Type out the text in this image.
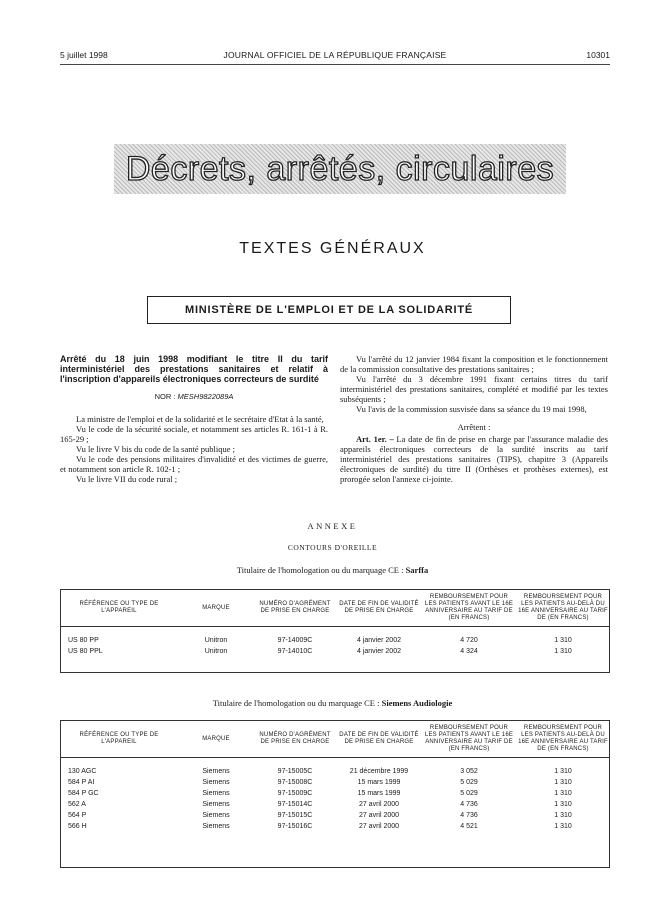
5 juillet 1998	JOURNAL OFFICIEL DE LA RÉPUBLIQUE FRANÇAISE	10301
Décrets, arrêtés, circulaires
TEXTES GÉNÉRAUX
MINISTÈRE DE L'EMPLOI ET DE LA SOLIDARITÉ

Arrêté du 18 juin 1998 modifiant le titre II du tarif interministériel des prestations sanitaires et relatif à l'inscription d'appareils électroniques correcteurs de surdité

NOR : MESH9822089A

La ministre de l'emploi et de la solidarité et le secrétaire d'Etat à la santé,

Vu le code de la sécurité sociale, et notamment ses articles R. 161-1 à R. 165-29 ;

Vu le livre V bis du code de la santé publique ;

Vu le code des pensions militaires d'invalidité et des victimes de guerre, et notamment son article R. 102-1 ;

Vu le livre VII du code rural ;

Vu l'arrêté du 12 janvier 1984 fixant la composition et le fonctionnement de la commission consultative des prestations sanitaires ;

Vu l'arrêté du 3 décembre 1991 fixant certains titres du tarif interministériel des prestations sanitaires, complété et modifié par les textes subséquents ;

Vu l'avis de la commission susvisée dans sa séance du 19 mai 1998,

Arrêtent :

Art. 1er. – La date de fin de prise en charge par l'assurance maladie des appareils électroniques correcteurs de la surdité inscrits au tarif interministériel des prestations sanitaires (TIPS), chapitre 3 (Appareils électroniques de surdité) du titre II (Orthèses et prothèses externes), est prorogée selon l'annexe ci-jointe.

ANNEXE
CONTOURS D'OREILLE
Titulaire de l'homologation ou du marquage CE : Sarffa
RÉFÉRENCE OU TYPE DE L'APPAREIL	MARQUE	NUMÉRO D'AGRÉMENT DE PRISE EN CHARGE	DATE DE FIN DE VALIDITÉ DE PRISE EN CHARGE	REMBOURSEMENT POUR LES PATIENTS AVANT LE 16E ANNIVERSAIRE AU TARIF DE (EN FRANCS)	REMBOURSEMENT POUR LES PATIENTS AU-DELÀ DU 16E ANNIVERSAIRE AU TARIF DE (EN FRANCS)

US 80 PP	Unitron	97-14009C	4 janvier 2002	4 720	1 310
US 80 PPL	Unitron	97-14010C	4 janvier 2002	4 324	1 310
Titulaire de l'homologation ou du marquage CE : Siemens Audiologie
RÉFÉRENCE OU TYPE DE L'APPAREIL	MARQUE	NUMÉRO D'AGRÉMENT DE PRISE EN CHARGE	DATE DE FIN DE VALIDITÉ DE PRISE EN CHARGE	REMBOURSEMENT POUR LES PATIENTS AVANT LE 16E ANNIVERSAIRE AU TARIF DE (EN FRANCS)	REMBOURSEMENT POUR LES PATIENTS AU-DELÀ DU 16E ANNIVERSAIRE AU TARIF DE (EN FRANCS)

130 AGC	Siemens	97-15005C	21 décembre 1999	3 052	1 310
584 P AI	Siemens	97-15008C	15 mars 1999	5 029	1 310
584 P GC	Siemens	97-15009C	15 mars 1999	5 029	1 310
562 A	Siemens	97-15014C	27 avril 2000	4 736	1 310
564 P	Siemens	97-15015C	27 avril 2000	4 736	1 310
566 H	Siemens	97-15016C	27 avril 2000	4 521	1 310
